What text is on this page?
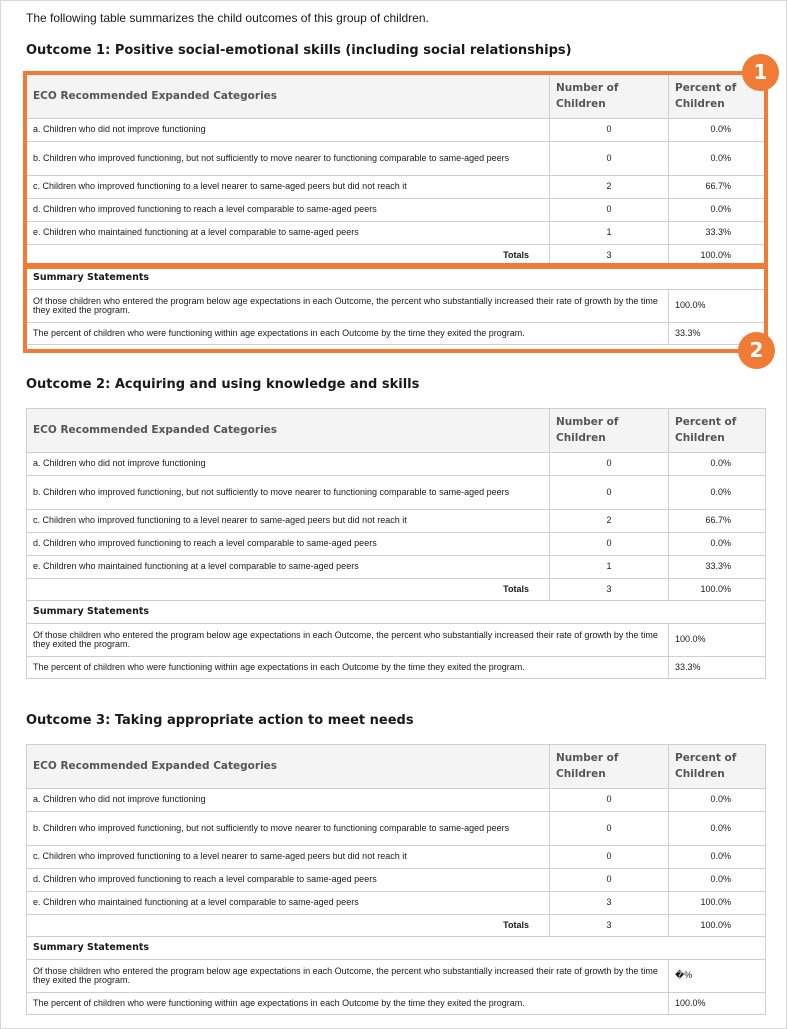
The following table summarizes the child outcomes of this group of children.
Outcome 1: Positive social-emotional skills (including social relationships)
ECO Recommended Expanded Categories	Number of Children	Percent of Children
a. Children who did not improve functioning	0	0.0%
b. Children who improved functioning, but not sufficiently to move nearer to functioning comparable to same-aged peers	0	0.0%
c. Children who improved functioning to a level nearer to same-aged peers but did not reach it	2	66.7%
d. Children who improved functioning to reach a level comparable to same-aged peers	0	0.0%
e. Children who maintained functioning at a level comparable to same-aged peers	1	33.3%
Totals	3	100.0%
Summary Statements		
Of those children who entered the program below age expectations in each Outcome, the percent who substantially increased their rate of growth by the time they exited the program.		100.0%
The percent of children who were functioning within age expectations in each Outcome by the time they exited the program.		33.3%
Outcome 2: Acquiring and using knowledge and skills
ECO Recommended Expanded Categories	Number of Children	Percent of Children
a. Children who did not improve functioning	0	0.0%
b. Children who improved functioning, but not sufficiently to move nearer to functioning comparable to same-aged peers	0	0.0%
c. Children who improved functioning to a level nearer to same-aged peers but did not reach it	2	66.7%
d. Children who improved functioning to reach a level comparable to same-aged peers	0	0.0%
e. Children who maintained functioning at a level comparable to same-aged peers	1	33.3%
Totals	3	100.0%
Summary Statements		
Of those children who entered the program below age expectations in each Outcome, the percent who substantially increased their rate of growth by the time they exited the program.		100.0%
The percent of children who were functioning within age expectations in each Outcome by the time they exited the program.		33.3%
Outcome 3: Taking appropriate action to meet needs
ECO Recommended Expanded Categories	Number of Children	Percent of Children
a. Children who did not improve functioning	0	0.0%
b. Children who improved functioning, but not sufficiently to move nearer to functioning comparable to same-aged peers	0	0.0%
c. Children who improved functioning to a level nearer to same-aged peers but did not reach it	0	0.0%
d. Children who improved functioning to reach a level comparable to same-aged peers	0	0.0%
e. Children who maintained functioning at a level comparable to same-aged peers	3	100.0%
Totals	3	100.0%
Summary Statements		
Of those children who entered the program below age expectations in each Outcome, the percent who substantially increased their rate of growth by the time they exited the program.		�%
The percent of children who were functioning within age expectations in each Outcome by the time they exited the program.		100.0%
1
2
